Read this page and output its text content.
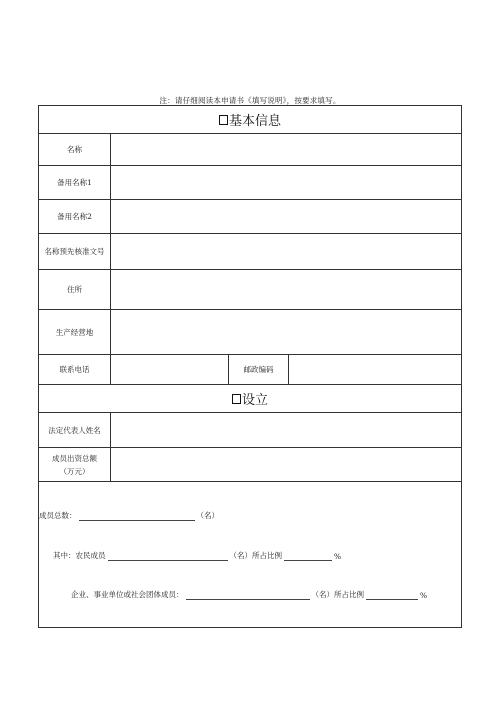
注：请仔细阅读本申请书《填写说明》，按要求填写。
基本信息
名称
备用名称1
备用名称2
名称预先核准文号
住所
生产经营地
联系电话	邮政编码
设立
法定代表人姓名
成员出资总额（万元）
成员总数：	（名）
其中：农民成员	（名）所占比例	%
企业、事业单位或社会团体成员：	（名）所占比例	%
